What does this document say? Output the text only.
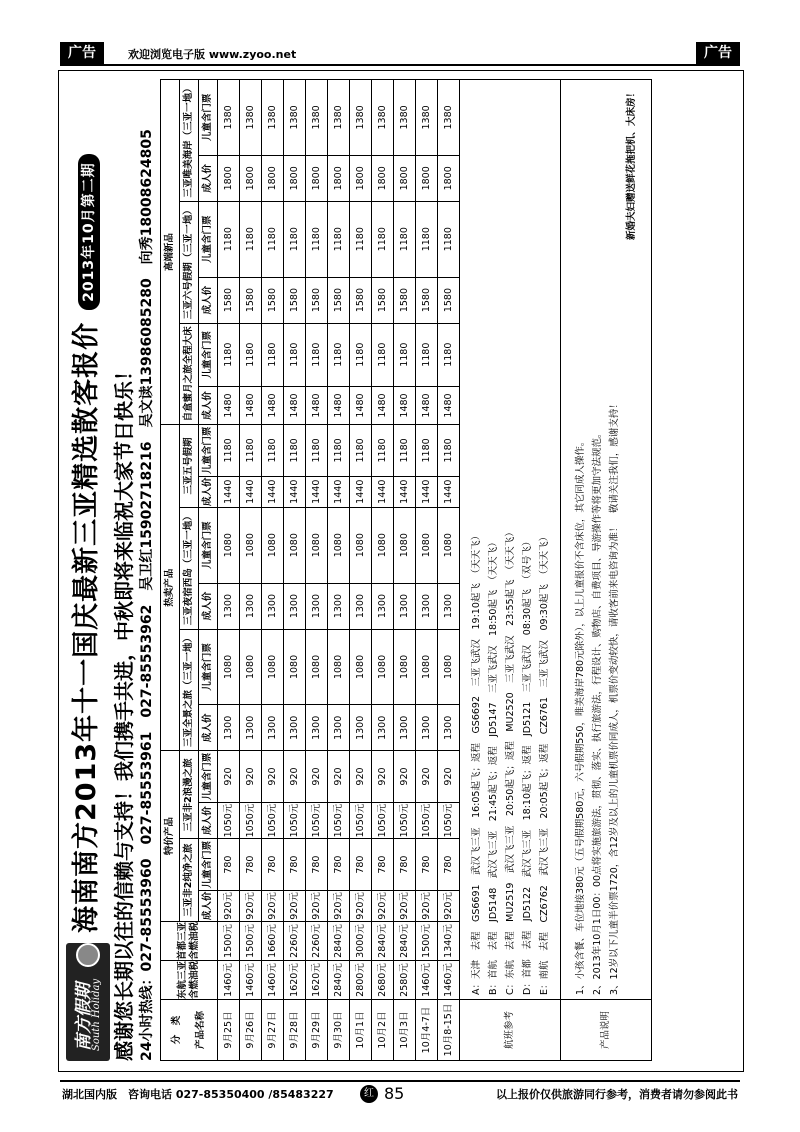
广告	欢迎浏览电子版 www.zyoo.net	广告
南方假期
South Holiday
海南南方2013年十一国庆最新三亚精选散客报价2013年10月第二期
感谢您长期以往的信赖与支持！我们携手共进，中秋即将来临祝大家节日快乐！ 24小时热线：027-85553960　027-85553961　027-85553962　吴卫红15902718216　吴文读13986085280　向秀18008624805 分　类 产品名称	东航三亚含燃油税	首都三亚含燃油税	特价产品				热卖产品						高端新品					
			三亚非2纯净之旅		三亚非2浪漫之旅		三亚全景之旅（三亚一地）		三亚夜宿西岛（三亚一地）		三亚五号假期		自盒蜜月之旅全程大床		三亚六号假期（三亚一地）		三亚唯美海岸（三亚一地）	
			成人价	儿童含门票	成人价	儿童含门票	成人价	儿童含门票	成人价	儿童含门票	成人价	儿童含门票	成人价	儿童含门票	成人价	儿童含门票	成人价	儿童含门票
9月25日	1460元	1500元	920元	780	1050元	920	1300	1080	1300	1080	1440	1180	1480	1180	1580	1180	1800	1380
9月26日	1460元	1500元	920元	780	1050元	920	1300	1080	1300	1080	1440	1180	1480	1180	1580	1180	1800	1380
9月27日	1460元	1660元	920元	780	1050元	920	1300	1080	1300	1080	1440	1180	1480	1180	1580	1180	1800	1380
9月28日	1620元	2260元	920元	780	1050元	920	1300	1080	1300	1080	1440	1180	1480	1180	1580	1180	1800	1380
9月29日	1620元	2260元	920元	780	1050元	920	1300	1080	1300	1080	1440	1180	1480	1180	1580	1180	1800	1380
9月30日	2840元	2840元	920元	780	1050元	920	1300	1080	1300	1080	1440	1180	1480	1180	1580	1180	1800	1380
10月1日	2800元	3000元	920元	780	1050元	920	1300	1080	1300	1080	1440	1180	1480	1180	1580	1180	1800	1380
10月2日	2680元	2840元	920元	780	1050元	920	1300	1080	1300	1080	1440	1180	1480	1180	1580	1180	1800	1380
10月3日	2580元	2840元	920元	780	1050元	920	1300	1080	1300	1080	1440	1180	1480	1180	1580	1180	1800	1380
10月4-7日	1460元	1500元	920元	780	1050元	920	1300	1080	1300	1080	1440	1180	1480	1180	1580	1180	1800	1380
10月8-15日	1460元	1340元	920元	780	1050元	920	1300	1080	1300	1080	1440	1180	1480	1180	1580	1180	1800	1380
航班参考	A：天津　去程　GS6691　武汉飞三亚　16:05起飞；返程　GS6692　三亚飞武汉　19:10起飞　（天天飞） B：首航　去程　JD5148　武汉飞三亚　21:45起飞；返程　JD5147　三亚飞武汉　18:50起飞　（天天飞） C：东航　去程　MU2519　武汉飞三亚　20:50起飞；返程　MU2520　三亚飞武汉　23:55起飞　（天天飞） D：首都　去程　JD5122　武汉飞三亚　18:10起飞；返程　JD5121　三亚飞武汉　08:30起飞　（双号飞） E：南航　去程　CZ6762　武汉飞三亚　20:05起飞；返程　CZ6761　三亚飞武汉　09:30起飞　（天天飞）																	

产品说明	1、小孩含餐、车位地接380元（五号假期580元，六号假期550，唯美海岸780元除外），以上儿童报价不含床位，其它同成人操作。 2、2013年10月1日00：00点将实施旅游法，贯彻、落实、执行旅游法，行程设计、购物店、自费项目、导游操作等将更加守法规范。 3、12岁以下儿童半价票1720，含12岁及以上的儿童机票价同成人，机票价变动较快，请收客前来电咨询为准！　敬请关注我们，感谢支持！
新婚夫妇赠送鲜花拖把机、大床房！																	
湖北国内版　咨询电话 027-85350400 /85483227	红 85	以上报价仅供旅游同行参考，消费者请勿参阅此书
